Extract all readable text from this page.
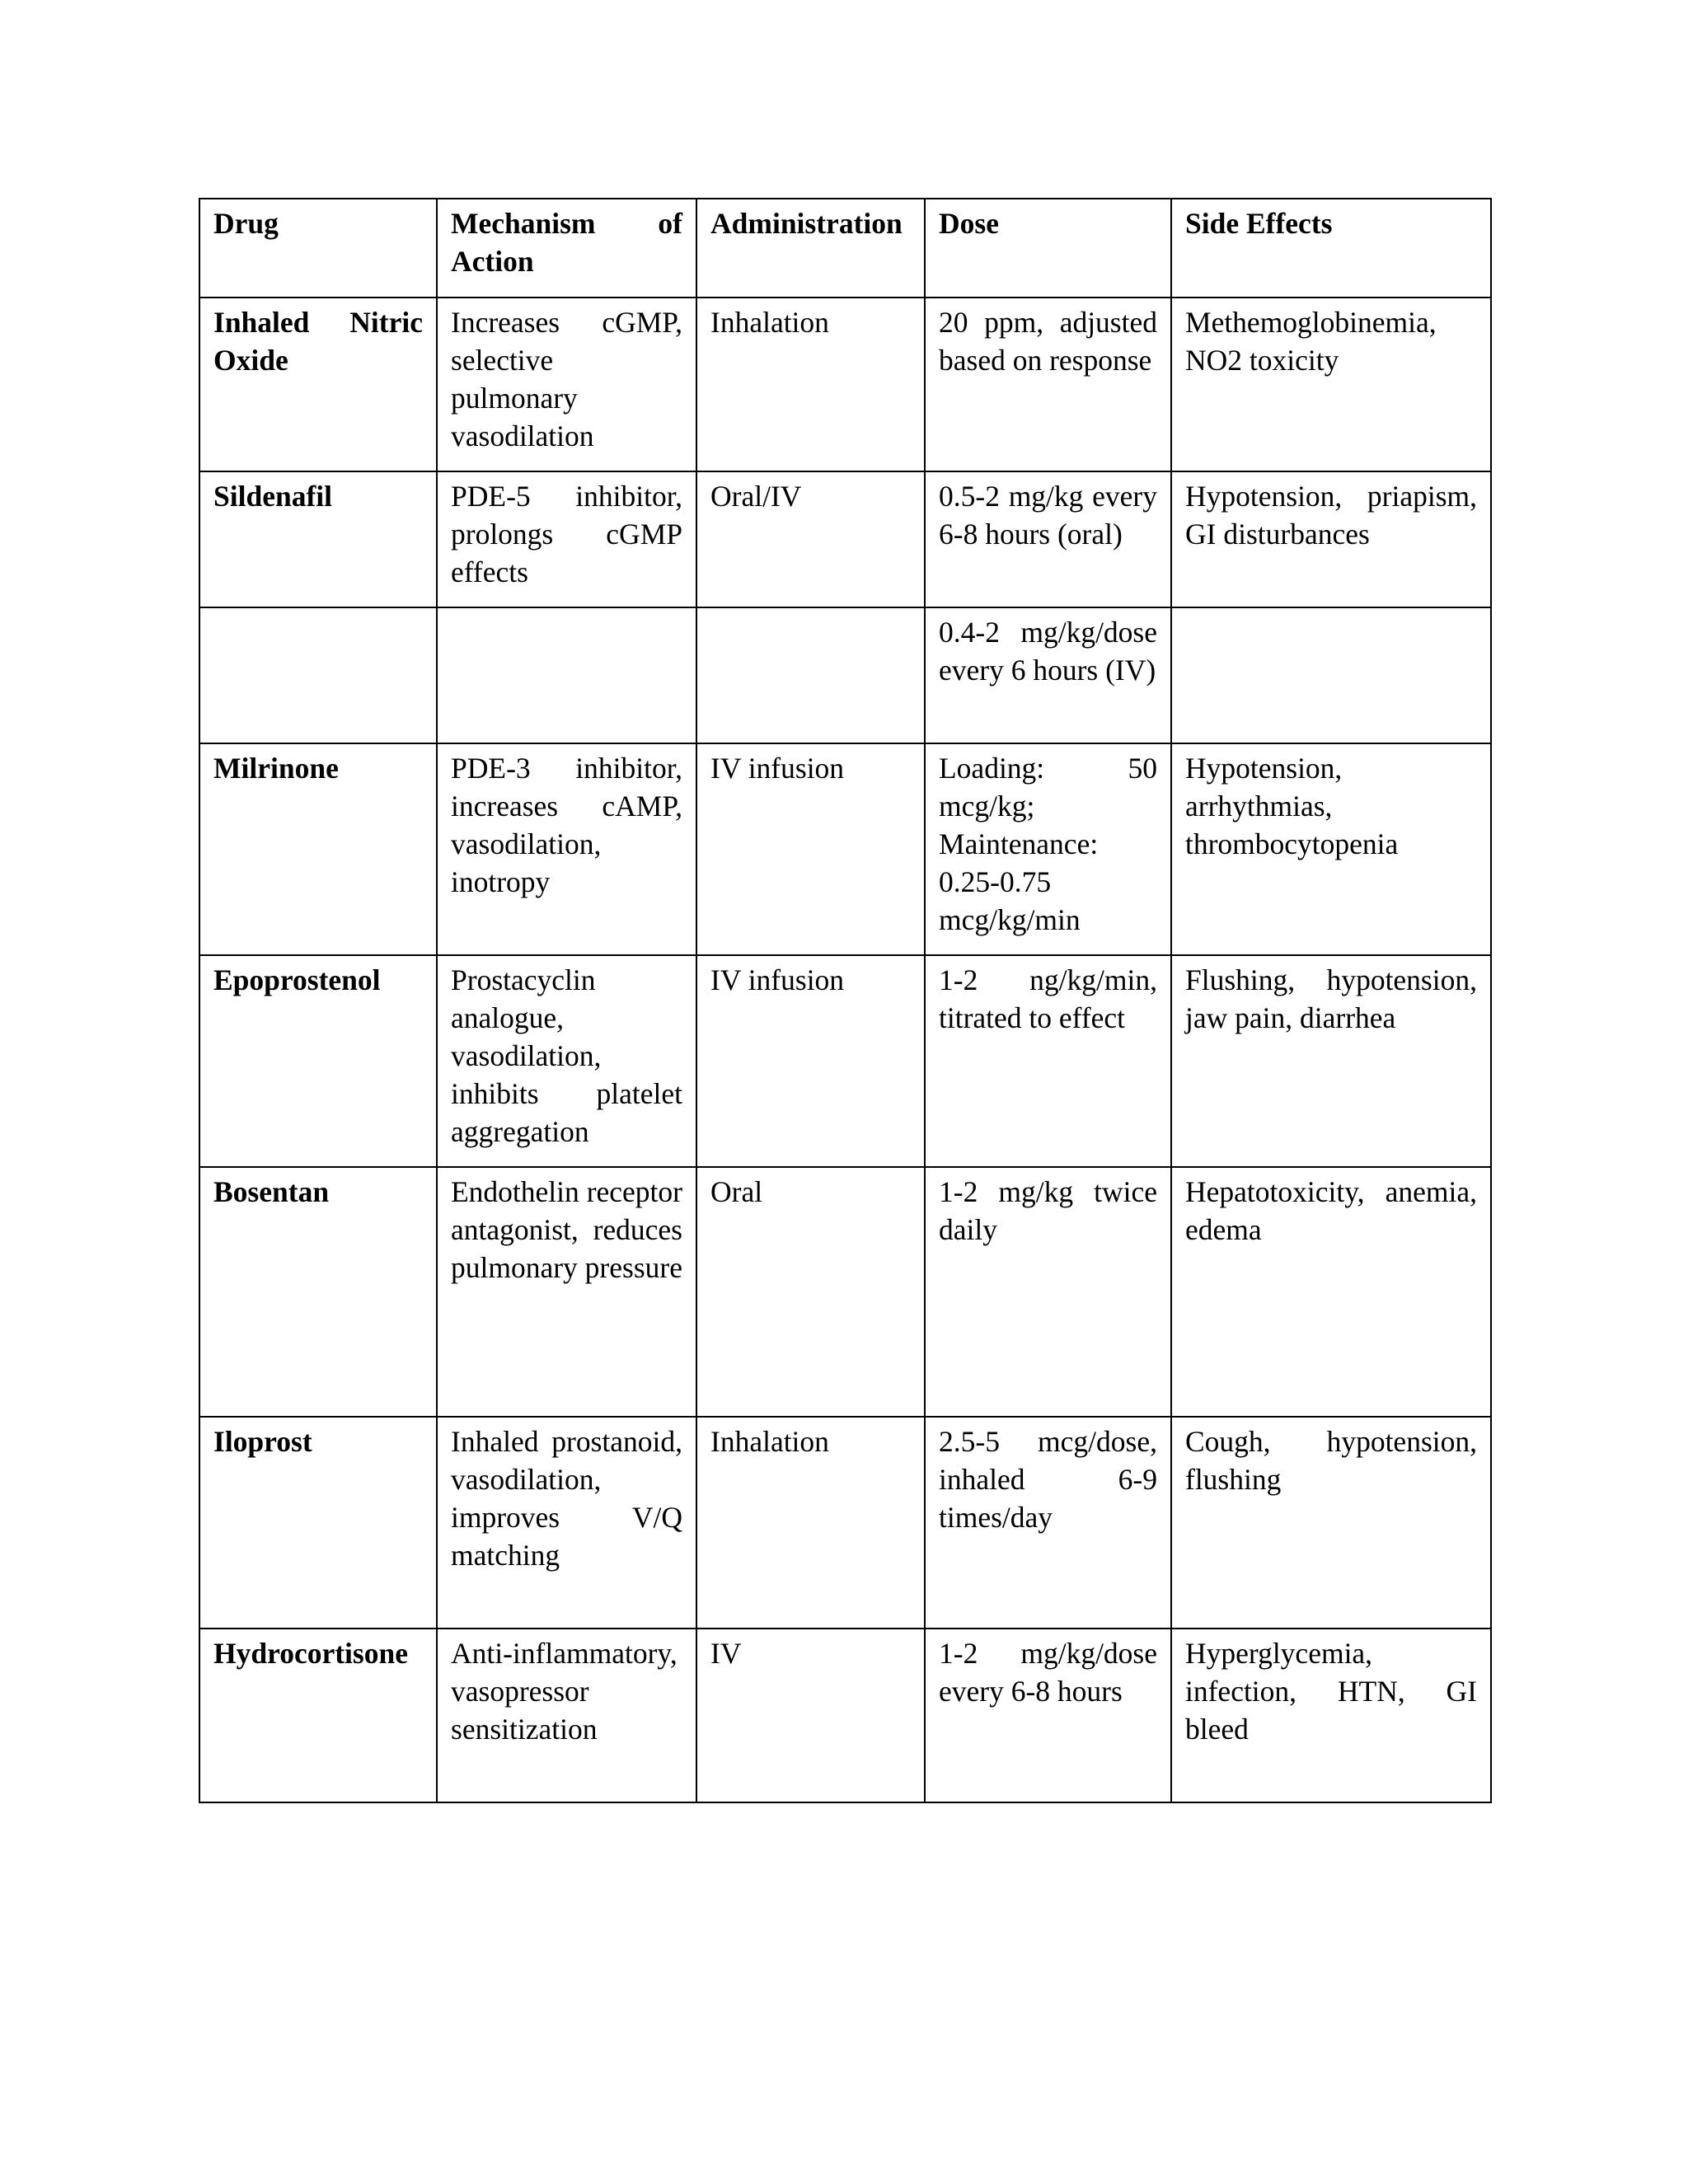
Drug	Mechanism of Action	Administration	Dose	Side Effects
Inhaled Nitric Oxide	Increases cGMP, selective pulmonary vasodilation	Inhalation	20 ppm, adjusted based on response	Methemoglobinemia, NO2 toxicity
Sildenafil	PDE-5 inhibitor, prolongs cGMP effects	Oral/IV	0.5-2 mg/kg every 6-8 hours (oral)	Hypotension, priapism, GI disturbances
			0.4-2 mg/kg/dose every 6 hours (IV)	
Milrinone	PDE-3 inhibitor, increases cAMP, vasodilation, inotropy	IV infusion	Loading: 50 mcg/kg; Maintenance: 0.25-0.75 mcg/kg/min	Hypotension, arrhythmias, thrombocytopenia
Epoprostenol	Prostacyclin analogue, vasodilation, inhibits platelet aggregation	IV infusion	1-2 ng/kg/min, titrated to effect	Flushing, hypotension, jaw pain, diarrhea
Bosentan	Endothelin receptor antagonist, reduces pulmonary pressure	Oral	1-2 mg/kg twice daily	Hepatotoxicity, anemia, edema
Iloprost	Inhaled prostanoid, vasodilation, improves V/Q matching	Inhalation	2.5-5 mcg/dose, inhaled 6-9 times/day	Cough, hypotension, flushing
Hydrocortisone	Anti-inflammatory, vasopressor sensitization	IV	1-2 mg/kg/dose every 6-8 hours	Hyperglycemia, infection, HTN, GI bleed
